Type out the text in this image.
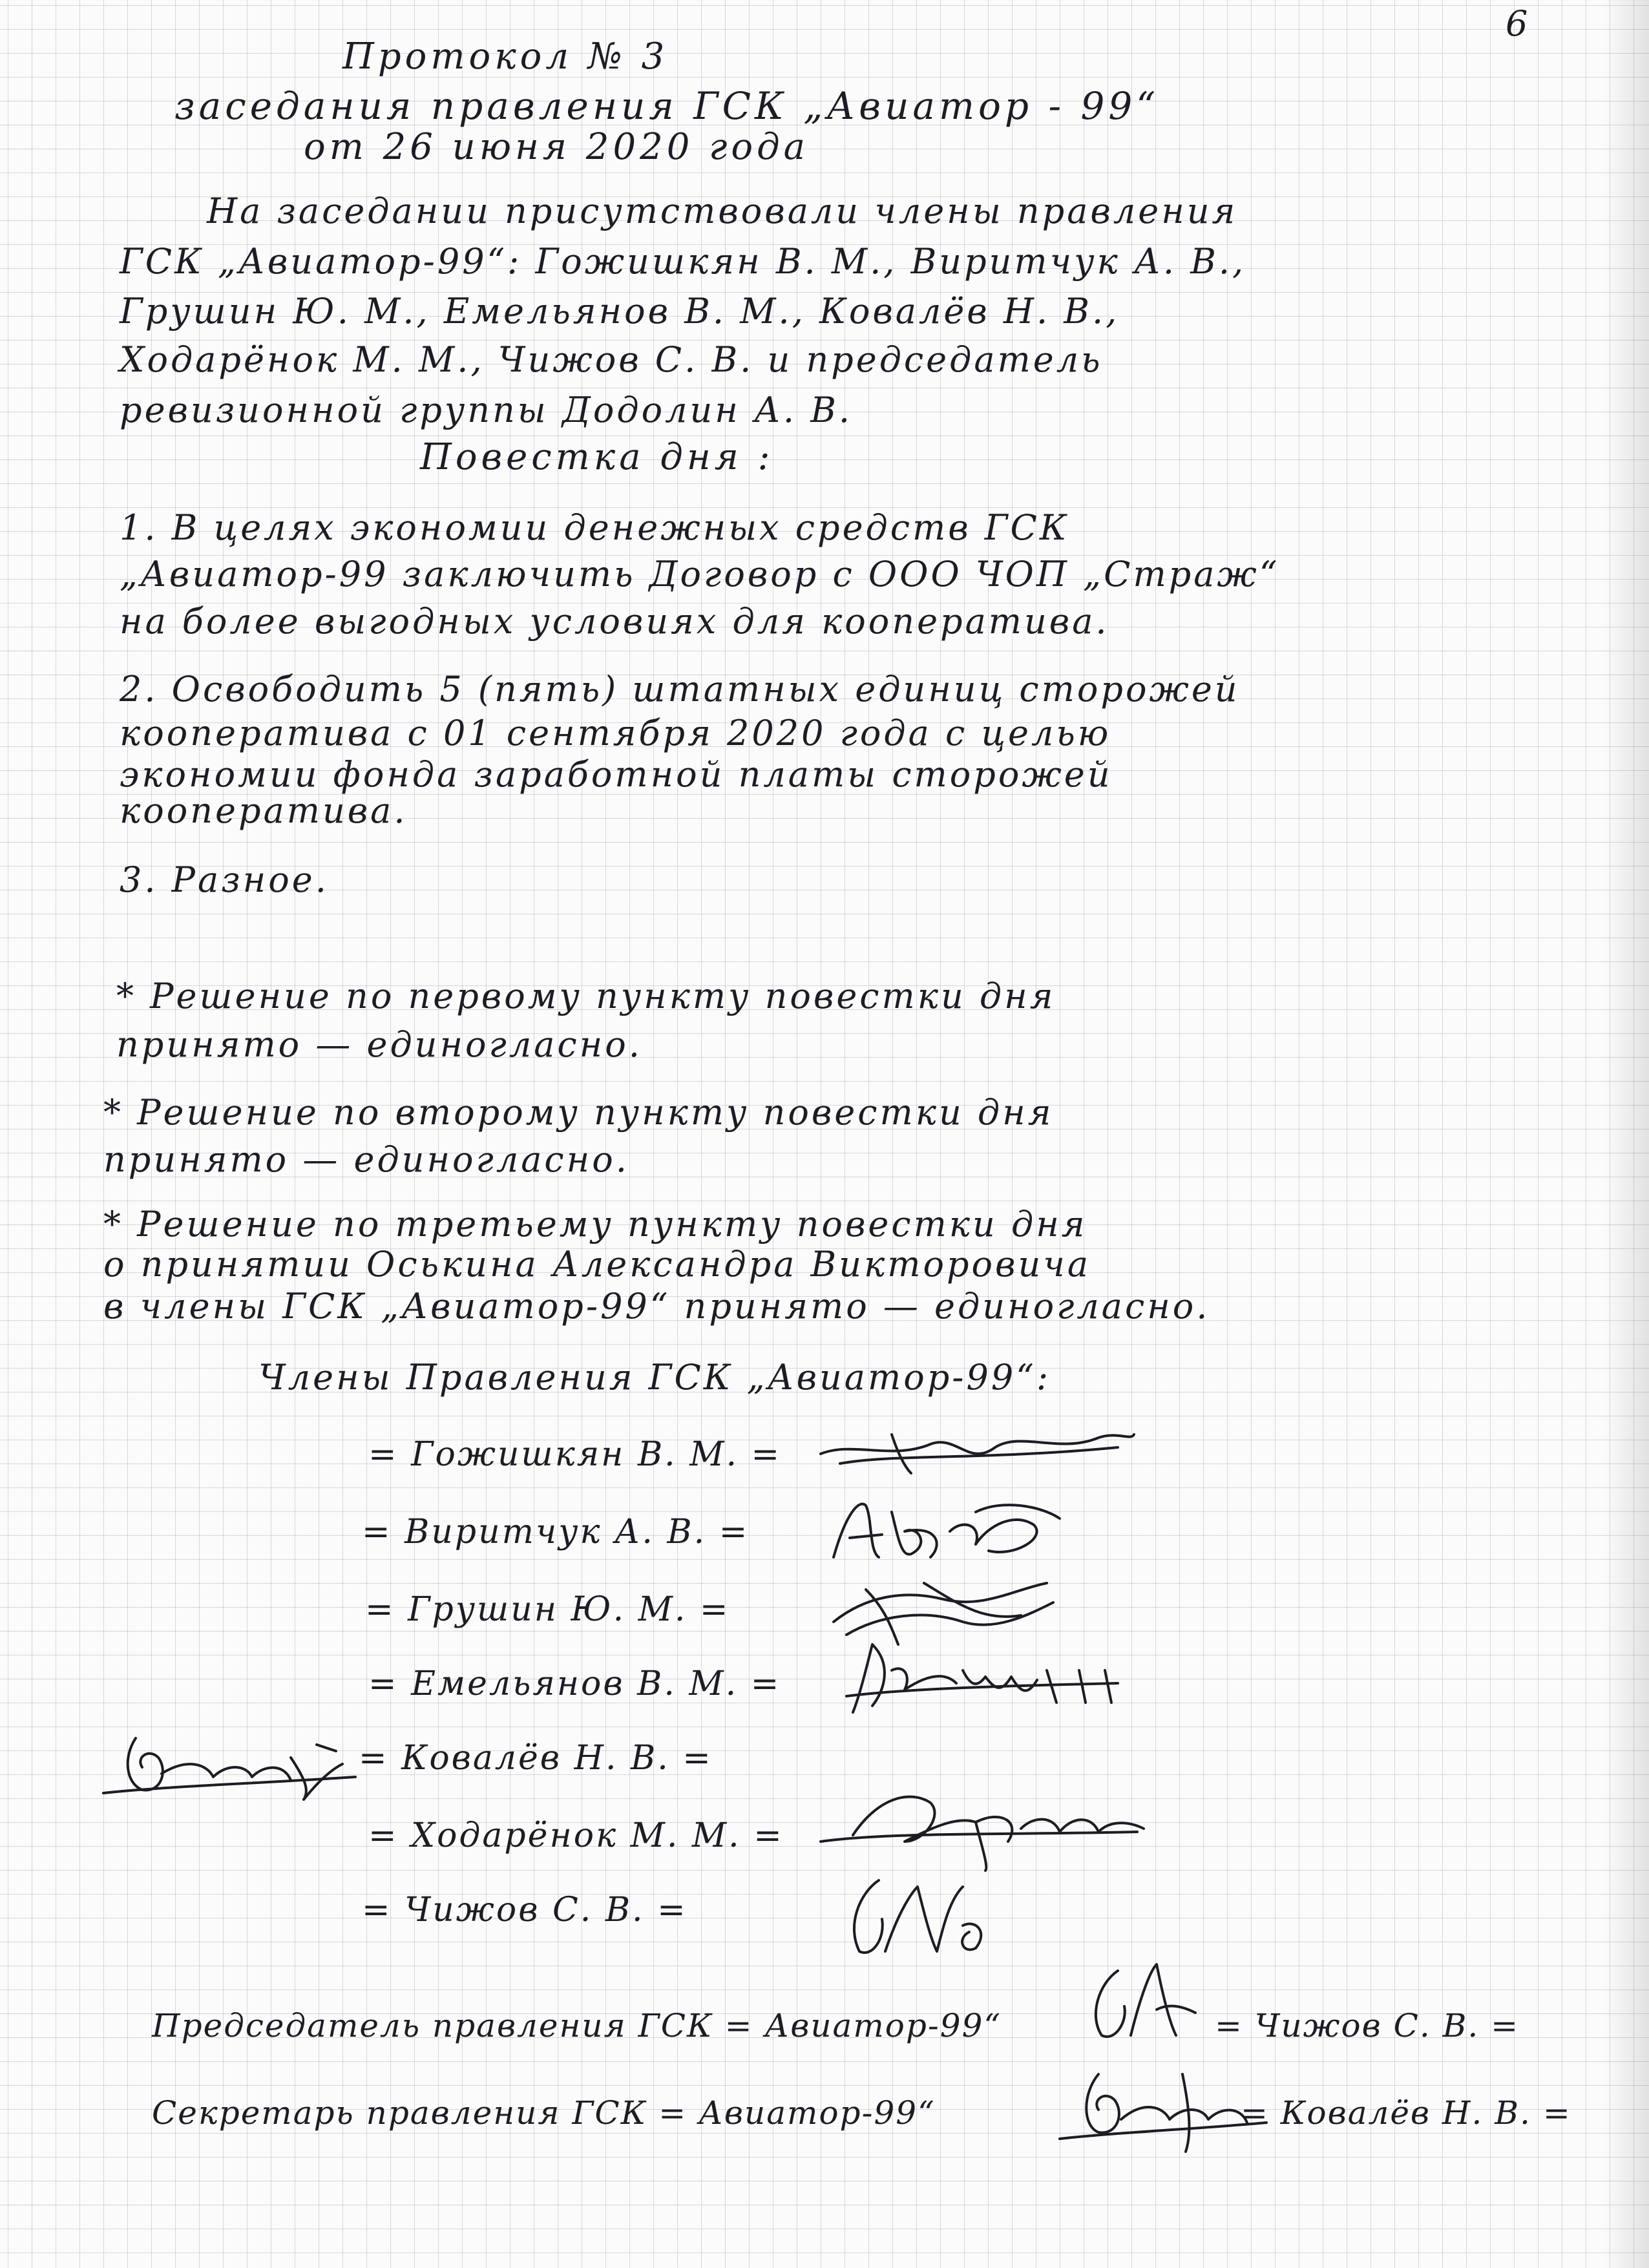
6
Протокол № 3
заседания правления ГСК „Авиатор - 99“
от 26 июня 2020 года
На заседании присутствовали члены правления
ГСК „Авиатор-99“: Гожишкян В. М., Виритчук А. В.,
Грушин Ю. М., Емельянов В. М., Ковалёв Н. В.,
Ходарёнок М. М., Чижов С. В. и председатель
ревизионной группы Додолин А. В.
Повестка дня :
1. В целях экономии денежных средств ГСК
„Авиатор-99 заключить Договор с ООО ЧОП „Страж“
на более выгодных условиях для кооператива.
2. Освободить 5 (пять) штатных единиц сторожей
кооператива с 01 сентября 2020 года с целью
экономии фонда заработной платы сторожей
кооператива.
3. Разное.
* Решение по первому пункту повестки дня
принято — единогласно.
* Решение по второму пункту повестки дня
принято — единогласно.
* Решение по третьему пункту повестки дня
о принятии Оськина Александра Викторовича
в члены ГСК „Авиатор-99“ принято — единогласно.
Члены Правления ГСК „Авиатор-99“:
= Гожишкян В. М. =
= Виритчук А. В. =
= Грушин Ю. М. =
= Емельянов В. М. =
= Ковалёв Н. В. =
= Ходарёнок М. М. =
= Чижов С. В. =
Председатель правления ГСК = Авиатор-99“	= Чижов С. В. =
Секретарь правления ГСК = Авиатор-99“	= Ковалёв Н. В. =
